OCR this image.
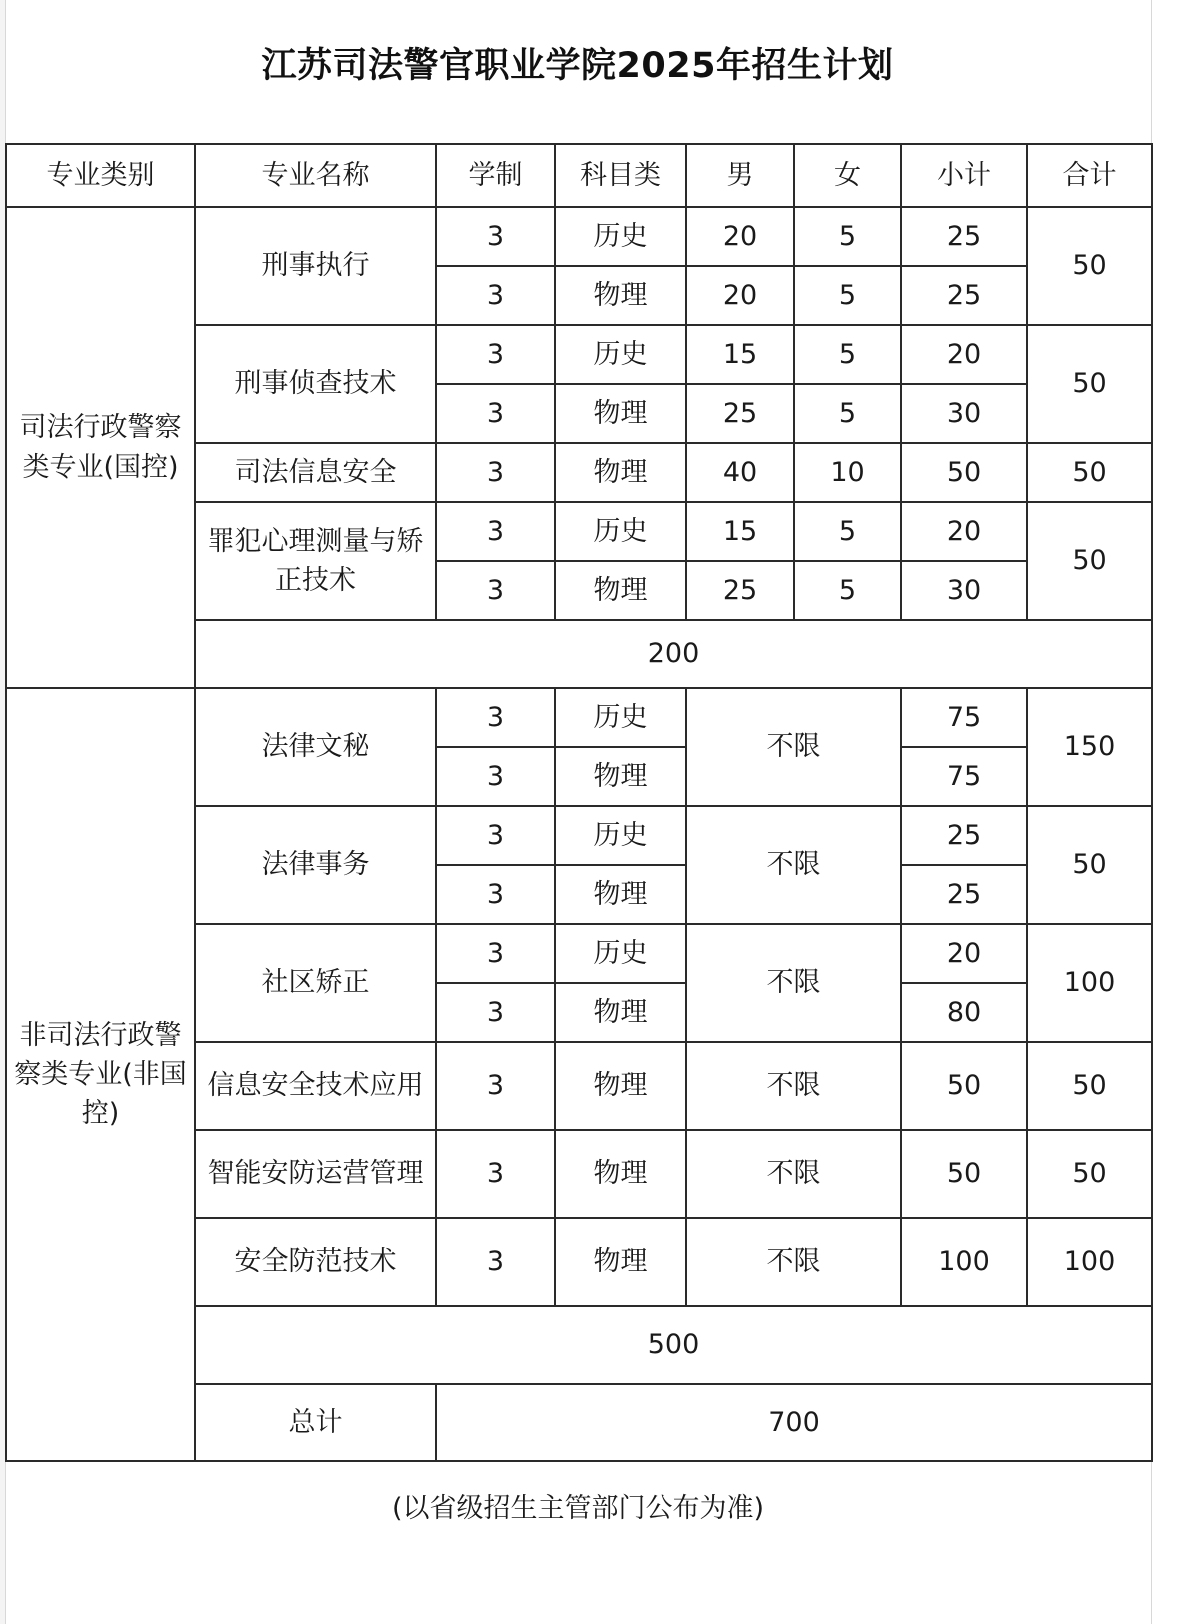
江苏司法警官职业学院2025年招生计划
专业类别	专业名称	学制	科目类	男	女	小计	合计
司法行政警察类专业(国控)	刑事执行	3	历史	20	5	25	50
		3	物理	20	5	25	
	刑事侦查技术	3	历史	15	5	20	50
		3	物理	25	5	30	
	司法信息安全	3	物理	40	10	50	50
	罪犯心理测量与矫正技术	3	历史	15	5	20	50
		3	物理	25	5	30	
	200						

非司法行政警察类专业(非国控)	法律文秘	3	历史	不限		75	150
		3	物理			75	
	法律事务	3	历史	不限		25	50
		3	物理			25	
	社区矫正	3	历史	不限		20	100
		3	物理			80	
	信息安全技术应用	3	物理	不限		50	50
	智能安防运营管理	3	物理	不限		50	50
	安全防范技术	3	物理	不限		100	100
	500						
	总计	700					
(以省级招生主管部门公布为准)
